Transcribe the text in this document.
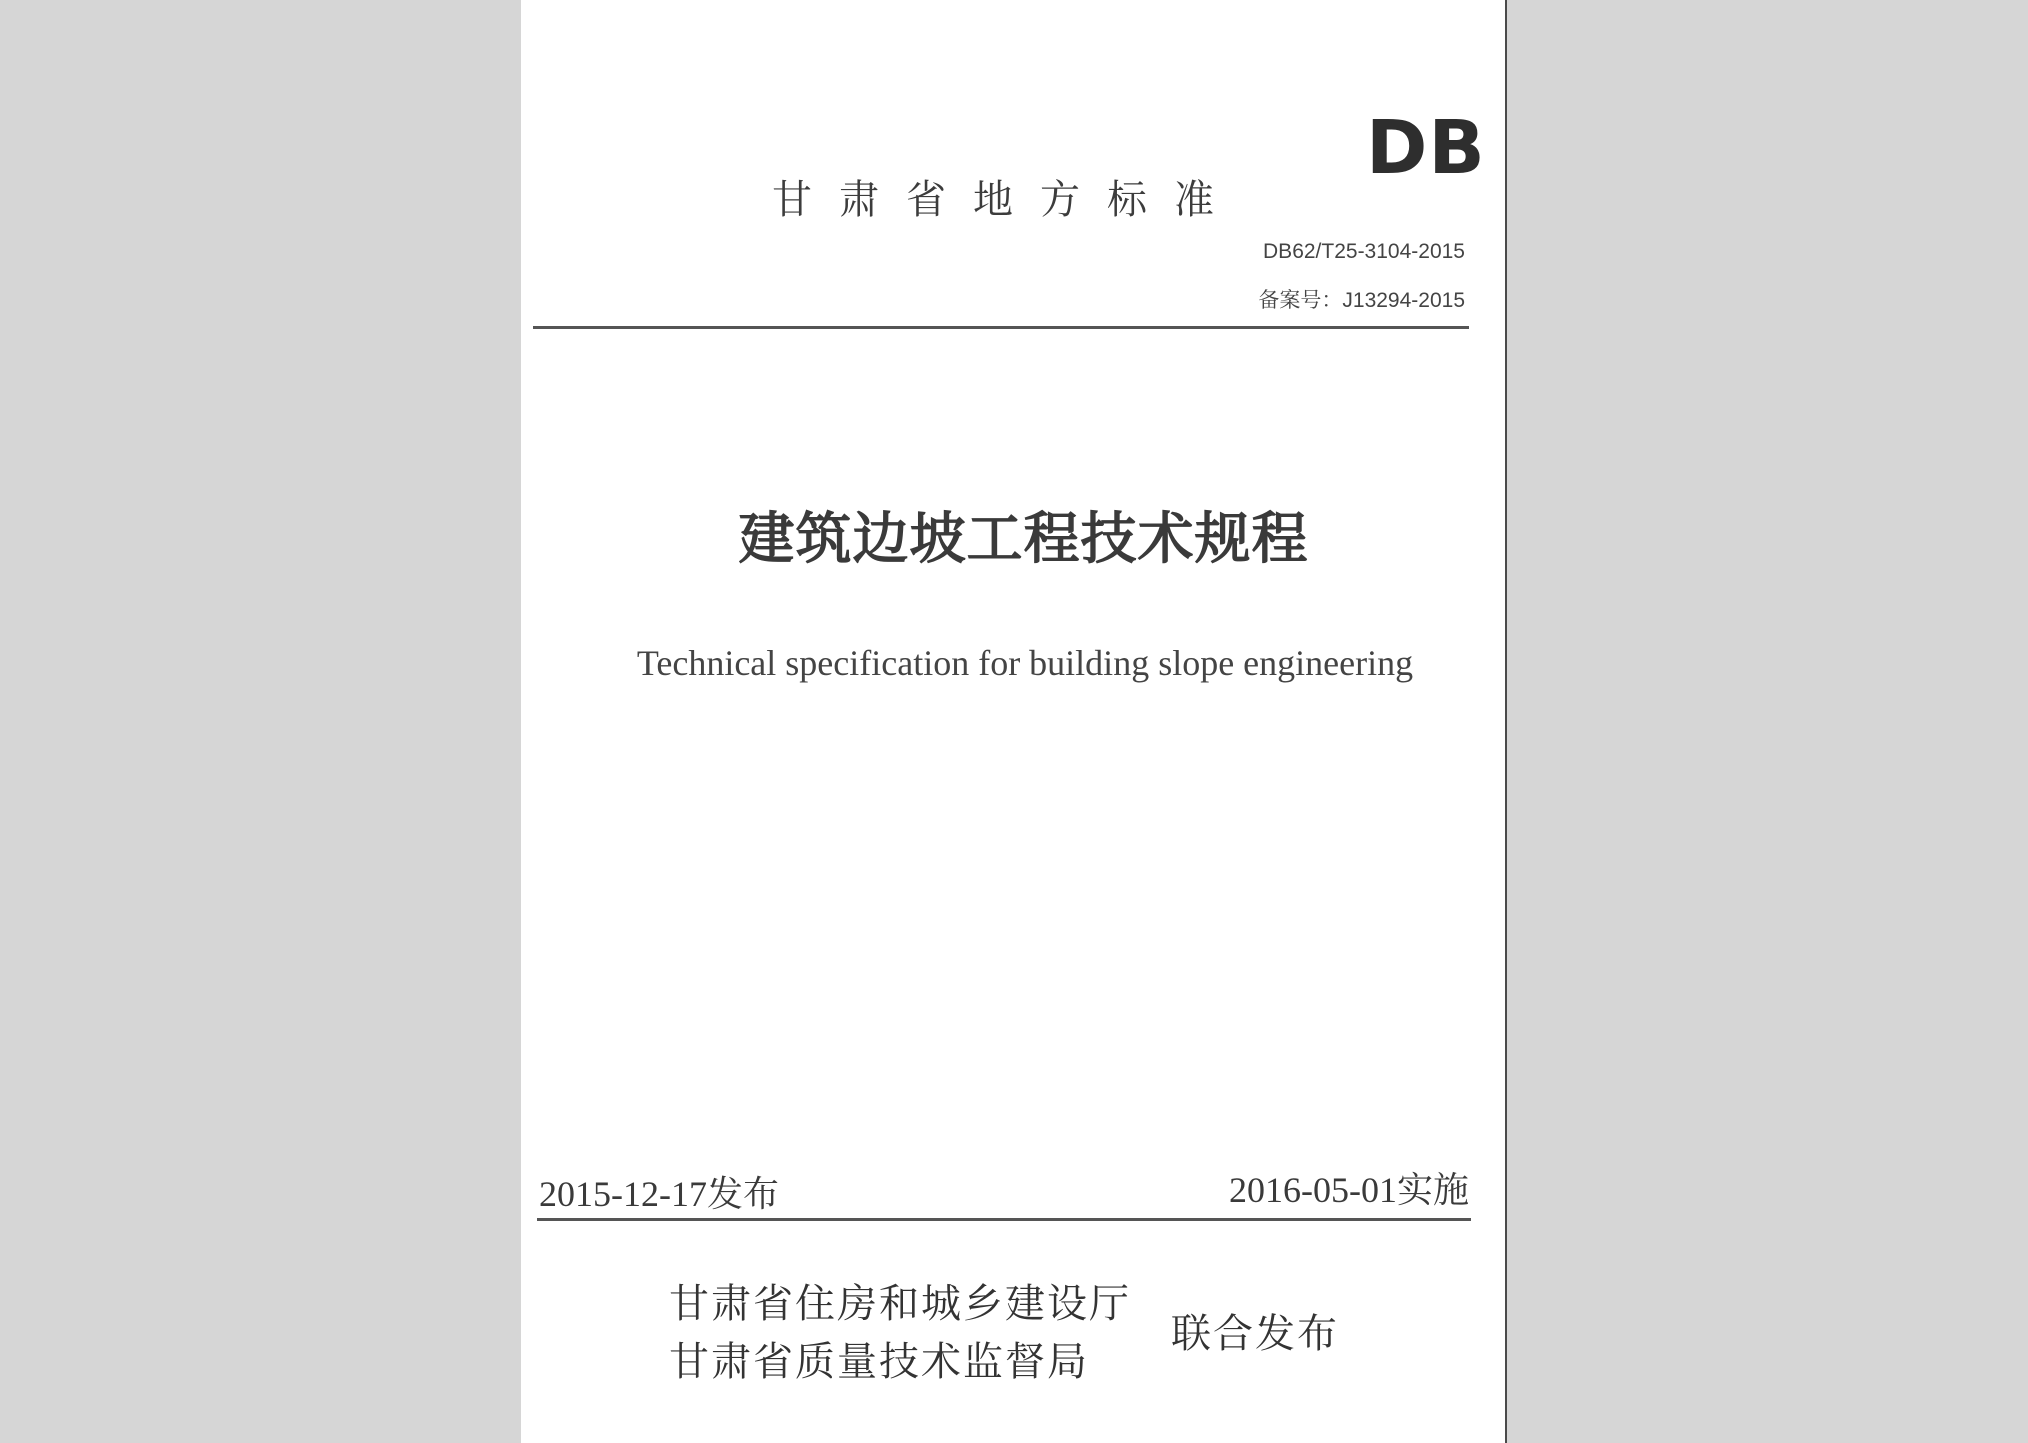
甘肃省地方标准
DB
DB62/T25-3104-2015
备案号：J13294-2015
建筑边坡工程技术规程
Technical specification for building slope engineering
2015-12-17发布	2016-05-01实施
甘肃省住房和城乡建设厅
甘肃省质量技术监督局
联合发布
